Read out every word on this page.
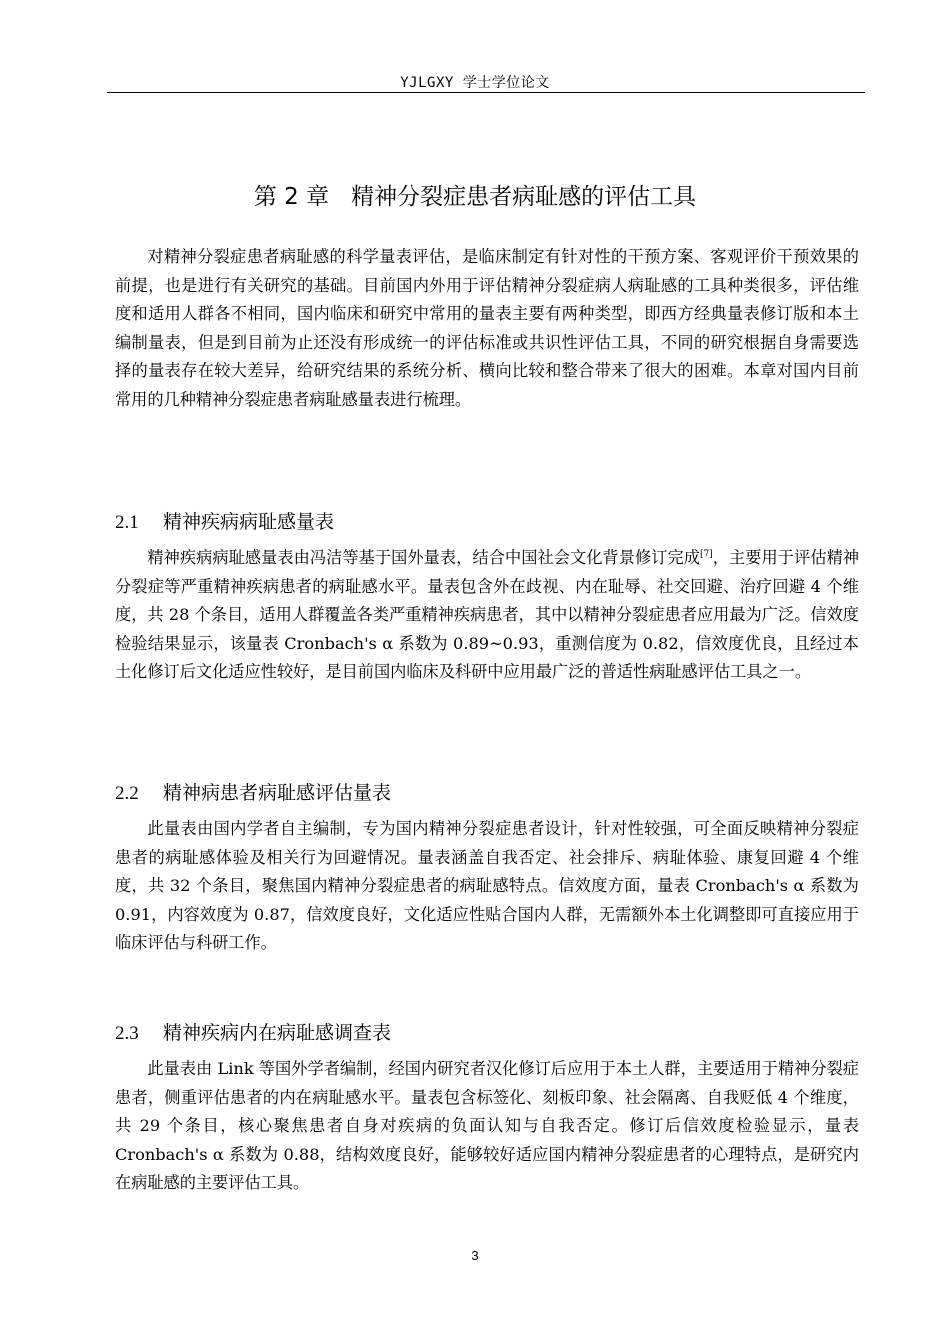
YJLGXY 学士学位论文
第 2 章 精神分裂症患者病耻感的评估工具

对精神分裂症患者病耻感的科学量表评估，是临床制定有针对性的干预方案、客观评价干预效果的前提，也是进行有关研究的基础。目前国内外用于评估精神分裂症病人病耻感的工具种类很多，评估维度和适用人群各不相同，国内临床和研究中常用的量表主要有两种类型，即西方经典量表修订版和本土编制量表，但是到目前为止还没有形成统一的评估标准或共识性评估工具，不同的研究根据自身需要选择的量表存在较大差异，给研究结果的系统分析、横向比较和整合带来了很大的困难。本章对国内目前常用的几种精神分裂症患者病耻感量表进行梳理。

2.1 精神疾病病耻感量表

精神疾病病耻感量表由冯洁等基于国外量表，结合中国社会文化背景修订完成[7]，主要用于评估精神分裂症等严重精神疾病患者的病耻感水平。量表包含外在歧视、内在耻辱、社交回避、治疗回避 4 个维度，共 28 个条目，适用人群覆盖各类严重精神疾病患者，其中以精神分裂症患者应用最为广泛。信效度检验结果显示，该量表 Cronbach's α 系数为 0.89~0.93，重测信度为 0.82，信效度优良，且经过本土化修订后文化适应性较好，是目前国内临床及科研中应用最广泛的普适性病耻感评估工具之一。

2.2 精神病患者病耻感评估量表

此量表由国内学者自主编制，专为国内精神分裂症患者设计，针对性较强，可全面反映精神分裂症患者的病耻感体验及相关行为回避情况。量表涵盖自我否定、社会排斥、病耻体验、康复回避 4 个维度，共 32 个条目，聚焦国内精神分裂症患者的病耻感特点。信效度方面，量表 Cronbach's α 系数为 0.91，内容效度为 0.87，信效度良好，文化适应性贴合国内人群，无需额外本土化调整即可直接应用于临床评估与科研工作。

2.3 精神疾病内在病耻感调查表

此量表由 Link 等国外学者编制，经国内研究者汉化修订后应用于本土人群，主要适用于精神分裂症患者，侧重评估患者的内在病耻感水平。量表包含标签化、刻板印象、社会隔离、自我贬低 4 个维度，共 29 个条目，核心聚焦患者自身对疾病的负面认知与自我否定。修订后信效度检验显示，量表 Cronbach's α 系数为 0.88，结构效度良好，能够较好适应国内精神分裂症患者的心理特点，是研究内在病耻感的主要评估工具。

3
